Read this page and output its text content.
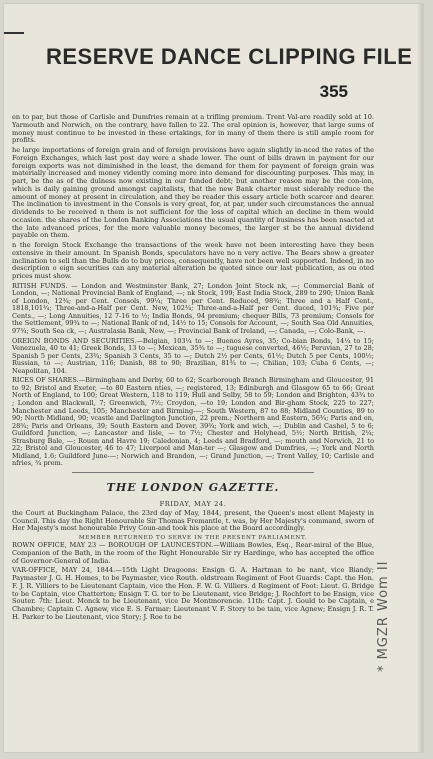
RESERVE DANCE CLIPPING FILE
355

en to par, but those of Carlisle and Dumfries remain at a trifling premium. Trent Val-are readily sold at 10. Yarmouth and Norwich, on the contrary, have fallen to 22. The eral opinion is, however, that large sums of money must continue to be invested in these ertakings, for in many of them there is still ample room for profits.

he large importations of foreign grain and of foreign provisions have again slightly in-nced the rates of the Foreign Exchanges, which last post day were a shade lower. The ount of bills drawn in payment for our foreign exports was not diminished in the least, the demand for them for payment of foreign grain was materially increased and money vidently coming more into demand for discounting purposes. This may, in part, be the as of the dulness now existing in our funded debt; but another reason may be the con-ion, which is daily gaining ground amongst capitalists, that the new Bank charter must siderably reduce the amount of money at present in circulation, and they be reader this essary article both scarcer and dearer. The inclination to investment in the Consols is very great, for, at par, under such circumstances the annual dividends to be received n them is not sufficient for the loss of capital which an decline in them would occasion. the shares of the London Banking Associations the usual quantity of business has been nsacted at the late advanced prices, for the more valuable money becomes, the larger st be the annual dividend payable on them.

n the foreign Stock Exchange the transactions of the week have not been interesting have they been extensive in their amount. In Spanish Bonds, speculators have no n very active. The Bears show a greater inclination to sell than the Bulls do to buy prices, consequently, have not been well supported. Indeed, in no description o eign securities can any material alteration be quoted since our last publication, as ou oted prices must show.

RITISH FUNDS. — London and Westminster Bank, 27; London Joint Stock nk, —; Commercial Bank of London, —; National Provincial Bank of England, —; nk Stock, 199; East India Stock, 289 to 290; Union Bank of London, 12¾; per Cent. Consols, 99¼; Three per Cent. Reduced, 98¾; Three and a Half Cent., 1818,101¾; Three-and-a-Half per Cent. New, 102¾; Three-and-a-Half per Cent. duced, 101¾; Five per Cents., —; Long Annuities, 12 7-16 to ½; India Bonds, 94 premium; chequer Bills, 73 premium; Consols for the Settlement, 99¾ to —; National Bank of nd, 14½ to 15; Consols for Account, —; South Sea Old Annuities, 97¾; South Sea ck, —; Australasia Bank, New, —; Provincial Bank of Ireland, —; Canada, —; Colo-Bank, —.

OREIGN BONDS AND SECURITIES.—Belgian, 103¼ to —; Buenos Ayres, 35; Co-bian Bonds, 14¼ to 15; Venezuela, 40 to 41; Greek Bonds, 13 to —; Mexican, 35¾ to —; tuguese converted, 46½; Peruvian, 27 to 28; Spanish 5 per Cents, 23¾; Spanish 3 Cents, 35 to —; Dutch 2½ per Cents, 61½; Dutch 5 per Cents, 100½; Russian, to —; Austrian, 116; Danish, 88 to 90; Brazilian, 81¾ to —; Chilian, 103; Cuba 6 Cents, —; Neapolitan, 104.

RICES OF SHARES.—Birmingham and Derby, 60 to 62; Scarborough Branch Birmingham and Gloucester, 91 to 92; Bristol and Exeter, —to 80 Eastern nties, —; registered, 13; Edinburgh and Glasgow 65 to 66; Great North of England, to 100; Great Western, 118 to 119; Hull and Selby, 58 to 59; London and Brighton, 43¾ to ; London and Blackwall, 7; Greenwich, 7½; Croydon, —to 19; London and Bir-gham Stock, 225 to 227; Manchester and Leeds, 105; Manchester and Birming-—; South Western, 87 to 88; Midland Counties, 89 to 90; North Midland, 90; vcastle and Darlington Junction, 22 prem.; Northern and Eastern, 56¾; Paris and en, 28¾; Paris and Orleans, 39; South Eastern and Dover, 39¾; York and wich, —; Dublin and Cashel, 5 to 6; Guildford Junction, —; Lancaster and lisle, — to 7½; Chester and Holyhead, 5½; North British, 2¼; Strasburg Bale, —; Rouen and Havre 19; Caledonian, 4; Leeds and Bradford, —; mouth and Norwich, 21 to 22; Bristol and Gloucester, 46 to 47; Liverpool and Man-ter —; Glasgow and Dumfries, —; York and North Midland, 1.6; Guildford June-—; Norwich and Brandon, —; Grand Junction, —; Trent Valley, 10; Carlisle and nfries, ¾ prem.

THE LONDON GAZETTE.
FRIDAY, MAY 24.

the Court at Buckingham Palace, the 23rd day of May, 1844, present, the Queen's most ellent Majesty in Council. This day the Right Honourable Sir Thomas Fremantle, t. was, by Her Majesty's command, sworn of Her Majesty's most honourable Privy Coun-and took his place at the Board accordingly.

MEMBER RETURNED TO SERVE IN THE PRESENT PARLIAMENT.

ROWN OFFICE, MAY 23 — BOROUGH OF LAUNCESTON.—William Bowles, Esq., Rear-miral of the Blue, Companion of the Bath, in the room of the Right Honourable Sir ry Hardinge, who has accepted the office of Governor-General of India.

VAR-OFFICE, MAY 24, 1844.—15th Light Dragoons: Ensign G. A. Hartman to be nant, vice Biandy; Paymaster J. G. H. Homes, to be Paymaster, vice Routh. oldstream Regiment of Foot Guards: Capt. the Hon. F. J. R. Villiers to be Lieutenant Captain, vice the Hon. F. W. G. Villiers. d Regiment of Foot: Lieut. G. Bridge to be Captain, vice Chatterton; Ensign T. G. ter to be Lieutenant, vice Bridge; J. Rochfort to be Ensign, vice Souter. 7th: Lieut. Monck to be Lieutenant, vice De Montmorencie. 11th: Capt. J. Gould to be Captain, e Chambre; Captain C. Agnew, vice E. S. Farmar; Lieutenant V. F. Story to be tain, vice Agnew; Ensign J. R. T. H. Parker to be Lieutenant, vice Story; J. Roe to be	* MGZR Wom II
